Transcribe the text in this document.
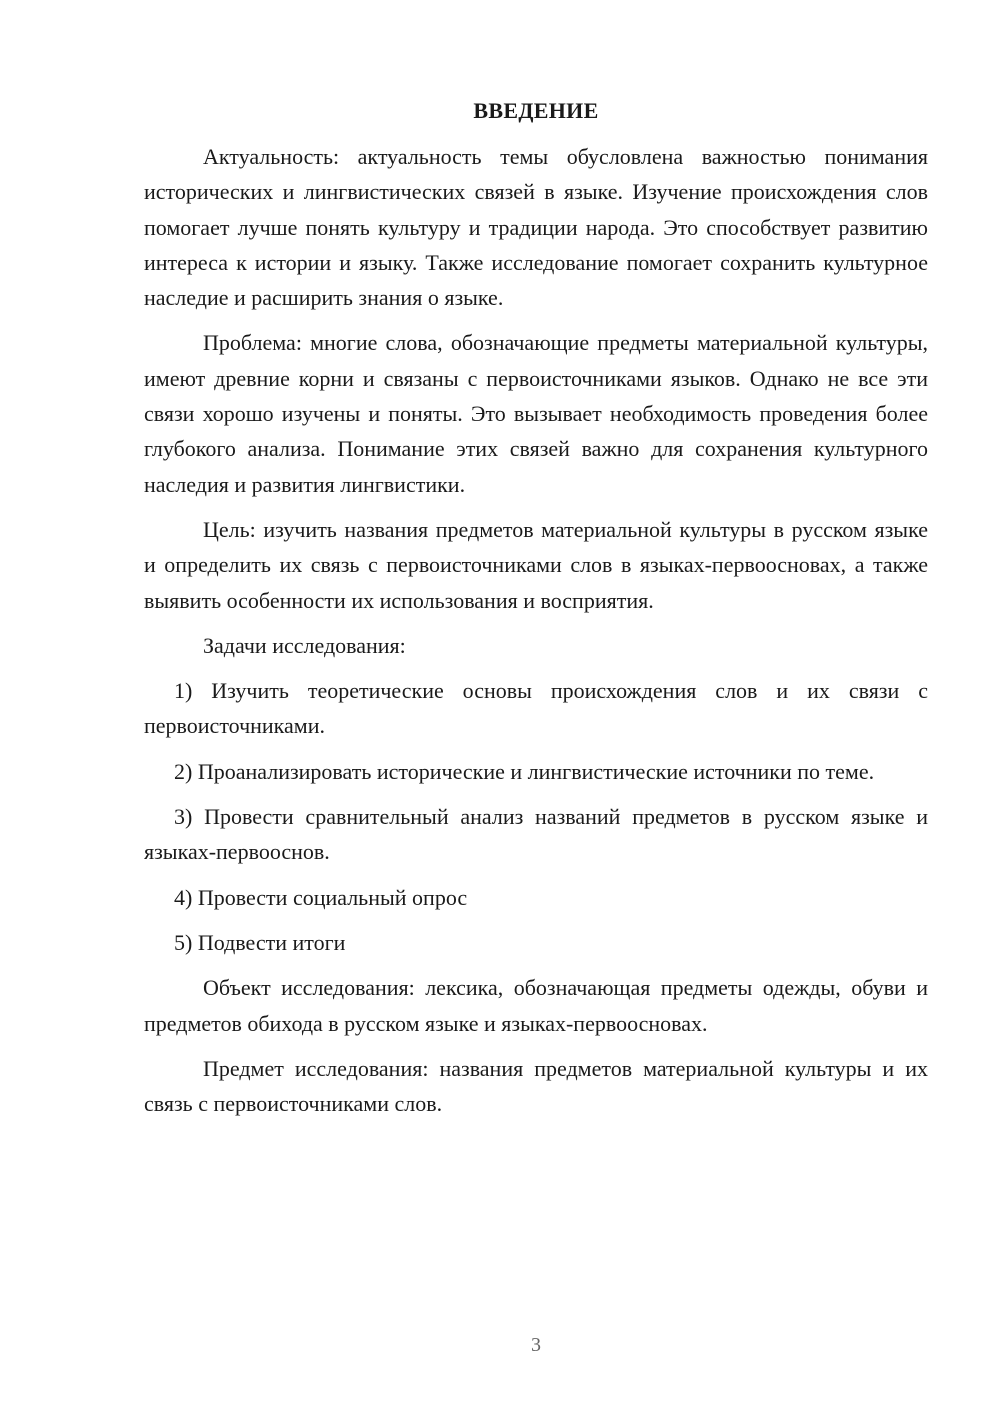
ВВЕДЕНИЕ

Актуальность: актуальность темы обусловлена важностью понимания исторических и лингвистических связей в языке. Изучение происхождения слов помогает лучше понять культуру и традиции народа. Это способствует развитию интереса к истории и языку. Также исследование помогает сохранить культурное наследие и расширить знания о языке.

Проблема: многие слова, обозначающие предметы материальной культуры, имеют древние корни и связаны с первоисточниками языков. Однако не все эти связи хорошо изучены и поняты. Это вызывает необходимость проведения более глубокого анализа. Понимание этих связей важно для сохранения культурного наследия и развития лингвистики.

Цель: изучить названия предметов материальной культуры в русском языке и определить их связь с первоисточниками слов в языках-первоосновах, а также выявить особенности их использования и восприятия.

Задачи исследования:

1) Изучить теоретические основы происхождения слов и их связи с первоисточниками.

2) Проанализировать исторические и лингвистические источники по теме.

3) Провести сравнительный анализ названий предметов в русском языке и языках-первооснов.

4) Провести социальный опрос

5) Подвести итоги

Объект исследования: лексика, обозначающая предметы одежды, обуви и предметов обихода в русском языке и языках-первоосновах.

Предмет исследования: названия предметов материальной культуры и их связь с первоисточниками слов.

3
